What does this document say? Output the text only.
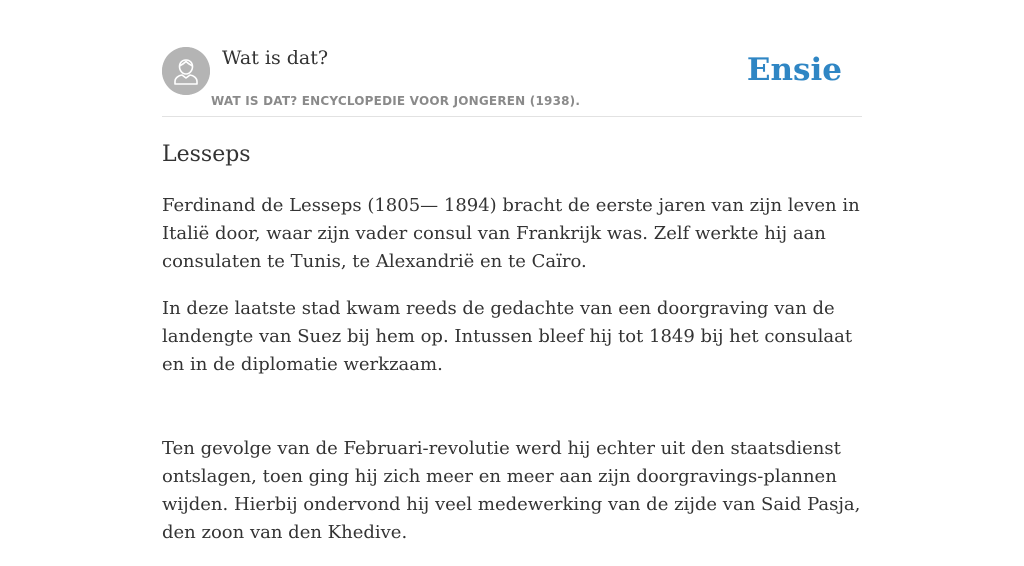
Wat is dat?
WAT IS DAT? ENCYCLOPEDIE VOOR JONGEREN (1938).
Ensie
Lesseps

Ferdinand de Lesseps (1805— 1894) bracht de eerste jaren van zijn leven in Italië door, waar zijn vader consul van Frankrijk was. Zelf werkte hij aan consulaten te Tunis, te Alexandrië en te Caïro.

In deze laatste stad kwam reeds de gedachte van een doorgraving van de landengte van Suez bij hem op. Intussen bleef hij tot 1849 bij het consulaat en in de diplomatie werkzaam.

Ten gevolge van de Februari-revolutie werd hij echter uit den staatsdienst ontslagen, toen ging hij zich meer en meer aan zijn doorgravings-plannen wijden. Hierbij ondervond hij veel medewerking van de zijde van Said Pasja, den zoon van den Khedive.
